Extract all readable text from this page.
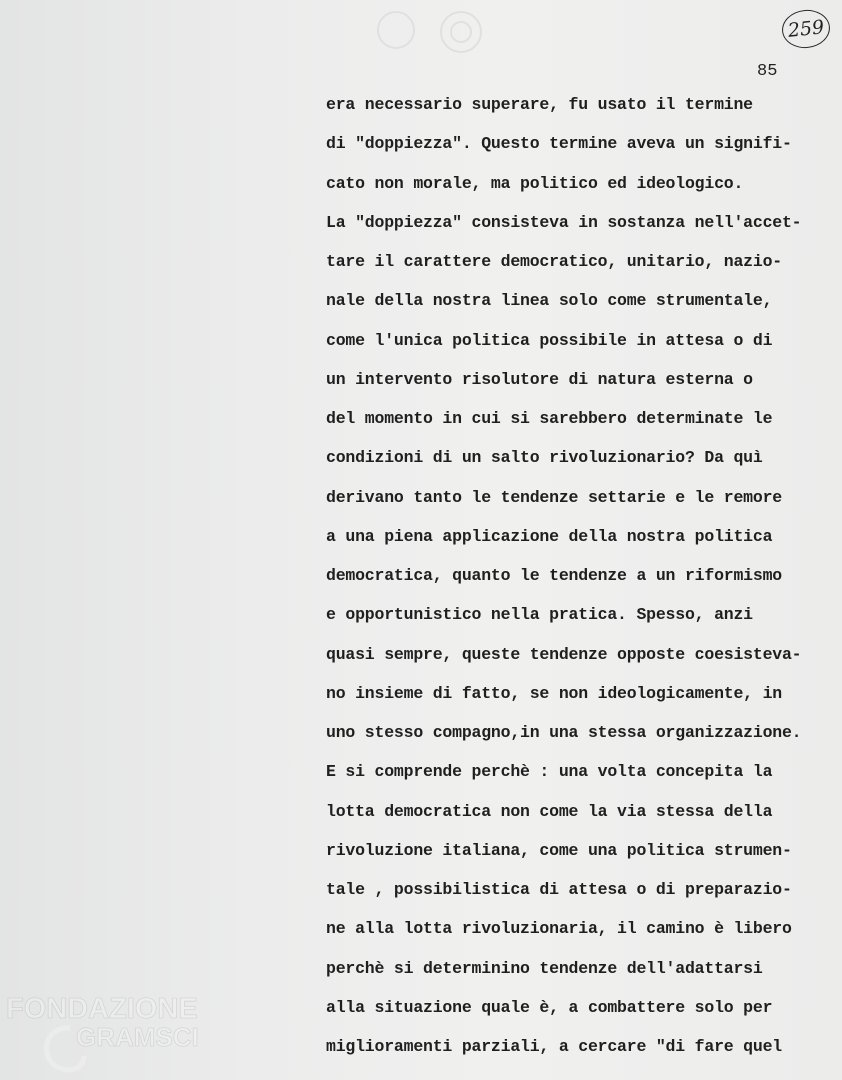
259
85
era necessario superare, fu usato il termine
di "doppiezza". Questo termine aveva un signifi-
cato non morale, ma politico ed ideologico.
La "doppiezza" consisteva in sostanza nell'accet-
tare il carattere democratico, unitario, nazio-
nale della nostra linea solo come strumentale,
come l'unica politica possibile in attesa o di
un intervento risolutore di natura esterna o
del momento in cui si sarebbero determinate le
condizioni di un salto rivoluzionario? Da quì
derivano tanto le tendenze settarie e le remore
a una piena applicazione della nostra politica
democratica, quanto le tendenze a un riformismo
e opportunistico nella pratica. Spesso, anzi
quasi sempre, queste tendenze opposte coesisteva-
no insieme di fatto, se non ideologicamente, in
uno stesso compagno,in una stessa organizzazione.
E si comprende perchè : una volta concepita la
lotta democratica non come la via stessa della
rivoluzione italiana, come una politica strumen-
tale , possibilistica di attesa o di preparazio-
ne alla lotta rivoluzionaria, il camino è libero
perchè si determinino tendenze dell'adattarsi
alla situazione quale è, a combattere solo per
miglioramenti parziali, a cercare "di fare quel
FONDAZIONE
GRAMSCI
